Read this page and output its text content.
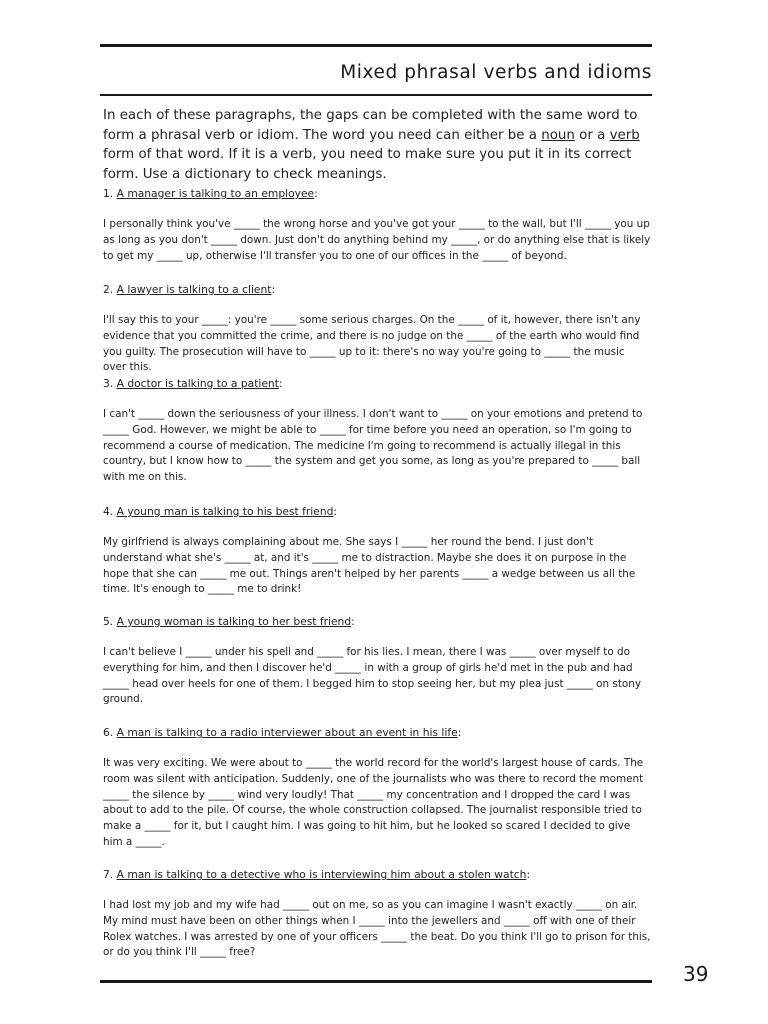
Mixed phrasal verbs and idioms
In each of these paragraphs, the gaps can be completed with the same word to form a phrasal verb or idiom. The word you need can either be a noun or a verb form of that word. If it is a verb, you need to make sure you put it in its correct form. Use a dictionary to check meanings.
1. A manager is talking to an employee:
I personally think you've _____ the wrong horse and you've got your _____ to the wall, but I'll _____ you up as long as you don't _____ down. Just don't do anything behind my _____, or do anything else that is likely to get my _____ up, otherwise I'll transfer you to one of our offices in the _____ of beyond.
2. A lawyer is talking to a client:
I'll say this to your _____: you're _____ some serious charges. On the _____ of it, however, there isn't any evidence that you committed the crime, and there is no judge on the _____ of the earth who would find you guilty. The prosecution will have to _____ up to it: there's no way you're going to _____ the music over this.
3. A doctor is talking to a patient:
I can't _____ down the seriousness of your illness. I don't want to _____ on your emotions and pretend to _____ God. However, we might be able to _____ for time before you need an operation, so I'm going to recommend a course of medication. The medicine I'm going to recommend is actually illegal in this country, but I know how to _____ the system and get you some, as long as you're prepared to _____ ball with me on this.
4. A young man is talking to his best friend:
My girlfriend is always complaining about me. She says I _____ her round the bend. I just don't understand what she's _____ at, and it's _____ me to distraction. Maybe she does it on purpose in the hope that she can _____ me out. Things aren't helped by her parents _____ a wedge between us all the time. It's enough to _____ me to drink!
5. A young woman is talking to her best friend:
I can't believe I _____ under his spell and _____ for his lies. I mean, there I was _____ over myself to do everything for him, and then I discover he'd _____ in with a group of girls he'd met in the pub and had _____ head over heels for one of them. I begged him to stop seeing her, but my plea just _____ on stony ground.
6. A man is talking to a radio interviewer about an event in his life:
It was very exciting. We were about to _____ the world record for the world's largest house of cards. The room was silent with anticipation. Suddenly, one of the journalists who was there to record the moment _____ the silence by _____ wind very loudly! That _____ my concentration and I dropped the card I was about to add to the pile. Of course, the whole construction collapsed. The journalist responsible tried to make a _____ for it, but I caught him. I was going to hit him, but he looked so scared I decided to give him a _____.
7. A man is talking to a detective who is interviewing him about a stolen watch:
I had lost my job and my wife had _____ out on me, so as you can imagine I wasn't exactly _____ on air. My mind must have been on other things when I _____ into the jewellers and _____ off with one of their Rolex watches. I was arrested by one of your officers _____ the beat. Do you think I'll go to prison for this, or do you think I'll _____ free?
39
